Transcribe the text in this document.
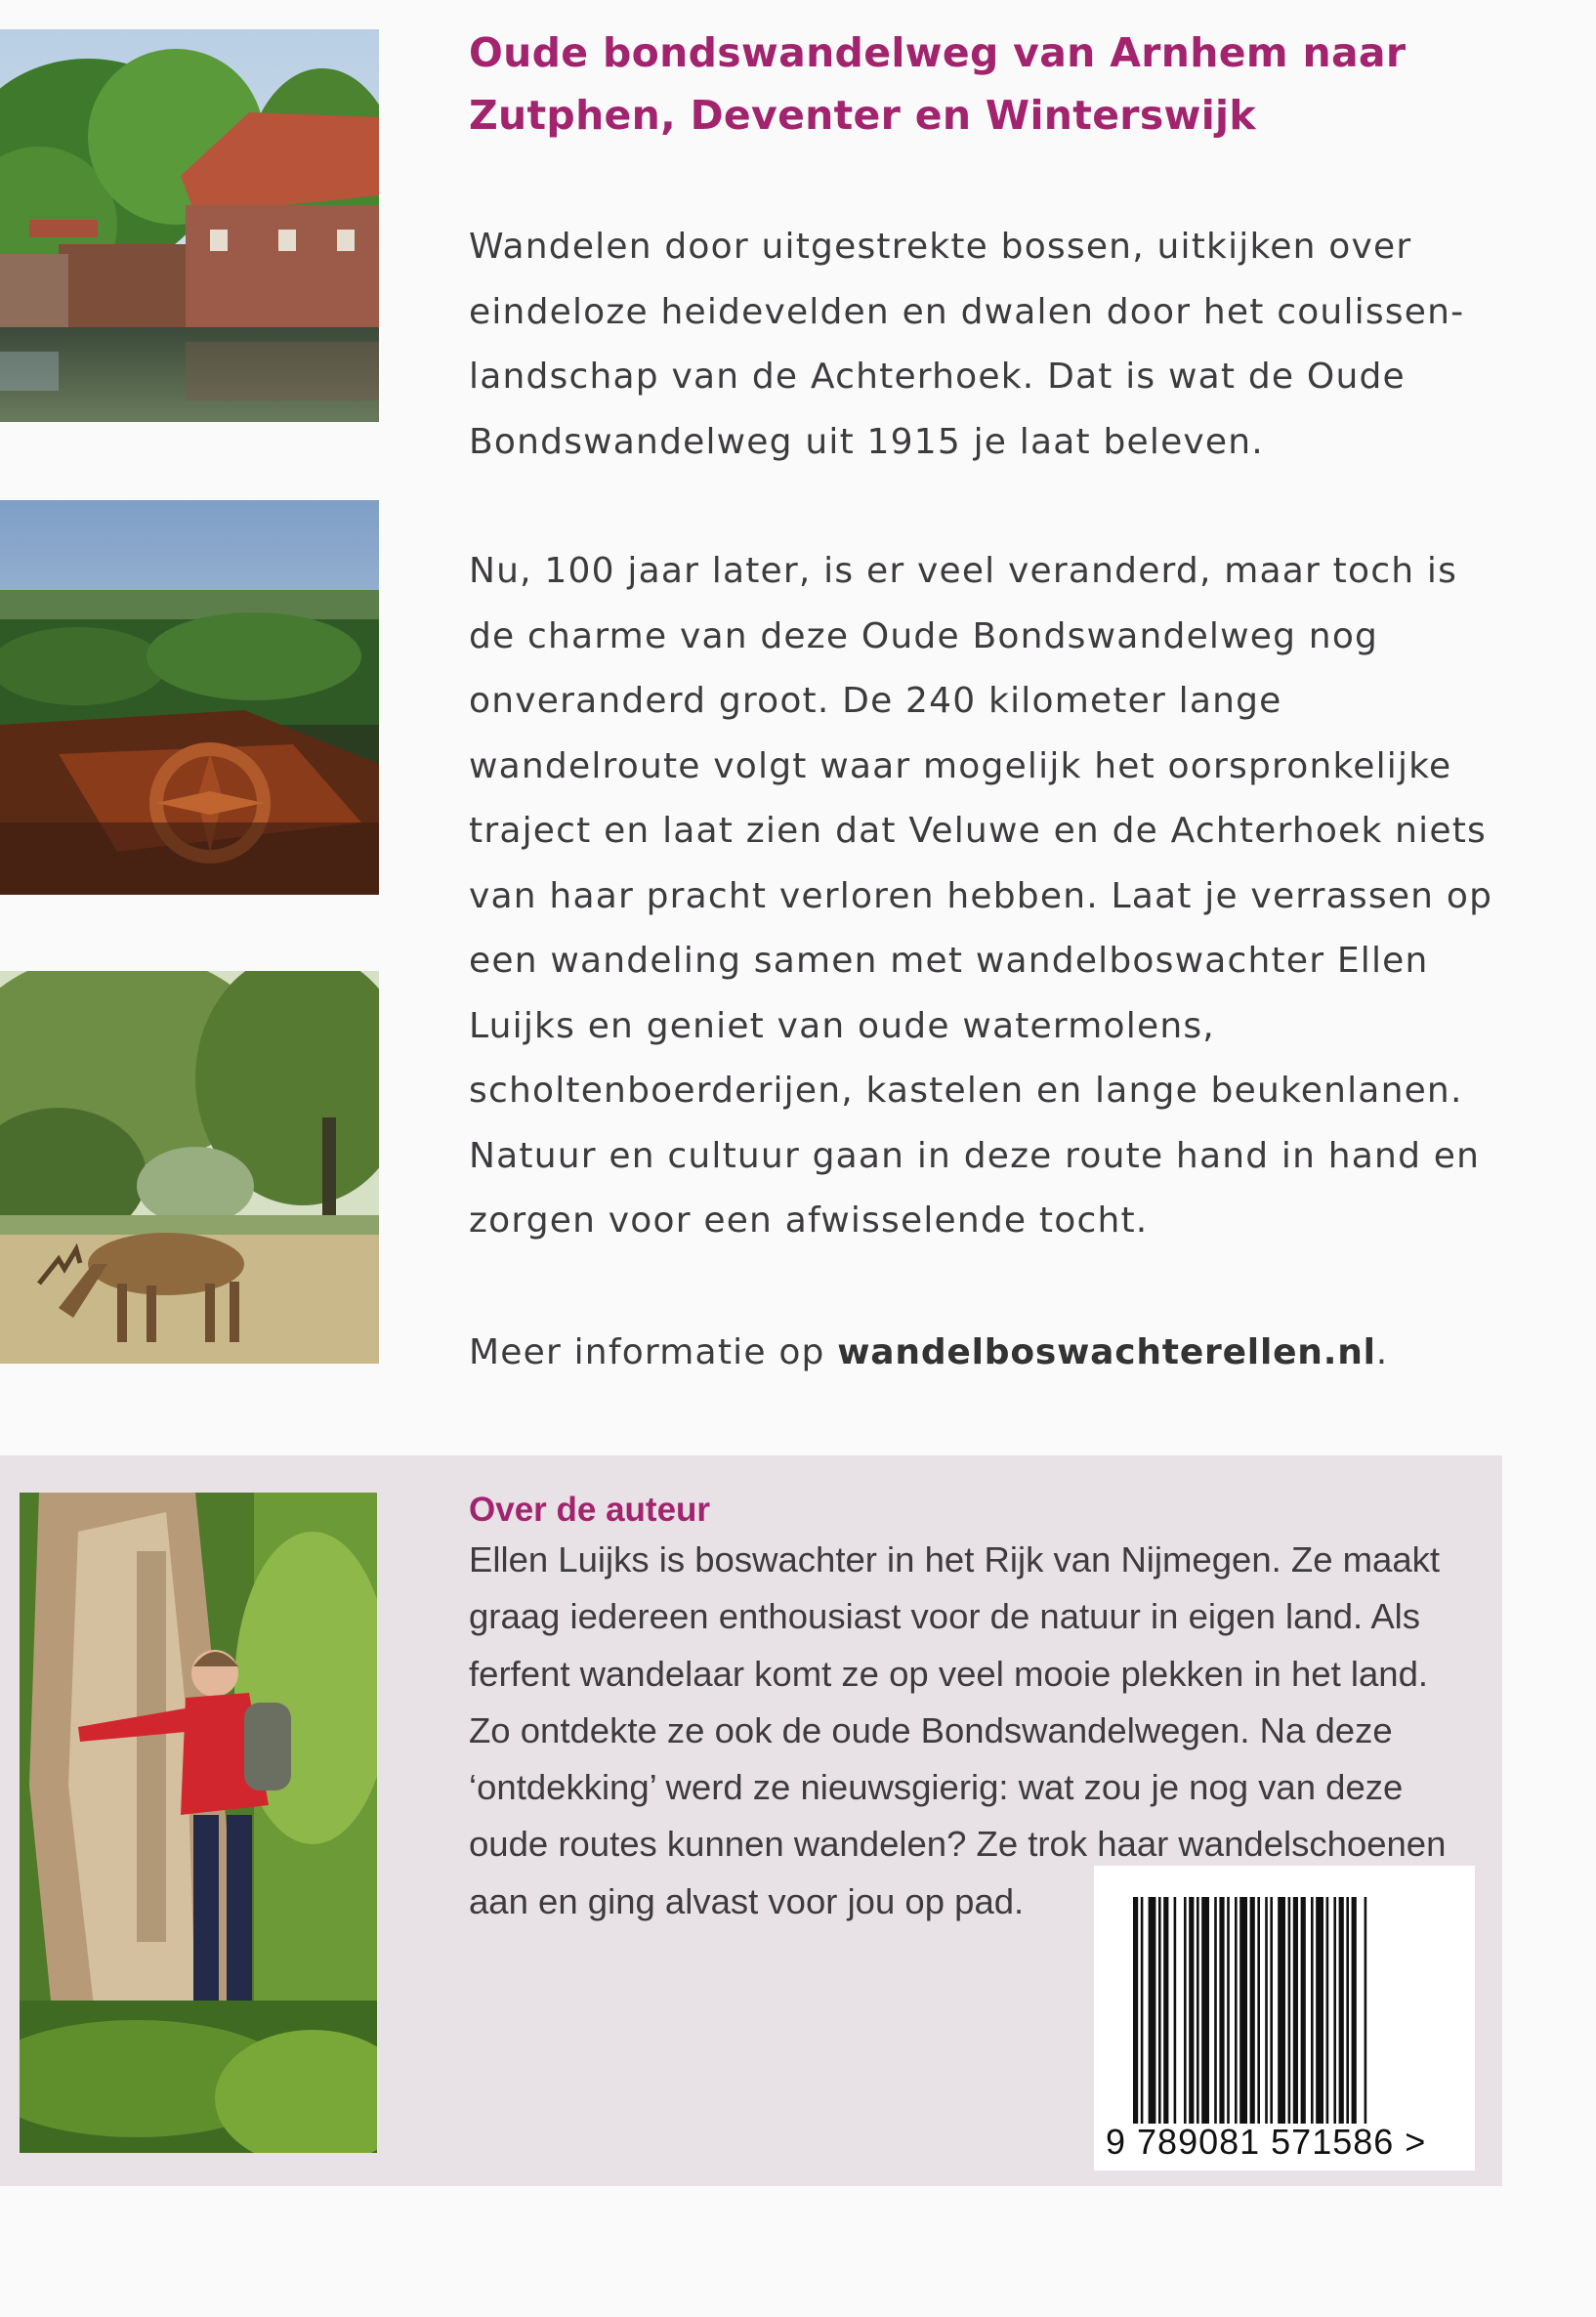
Oude bondswandelweg van Arnhem naar Zutphen, Deventer en Winterswijk

Wandelen door uitgestrekte bossen, uitkijken over eindeloze heidevelden en dwalen door het coulissen-landschap van de Achterhoek. Dat is wat de Oude Bondswandelweg uit 1915 je laat beleven.

Nu, 100 jaar later, is er veel veranderd, maar toch is de charme van deze Oude Bondswandelweg nog onveranderd groot. De 240 kilometer lange wandelroute volgt waar mogelijk het oorspronkelijke traject en laat zien dat Veluwe en de Achterhoek niets van haar pracht verloren hebben. Laat je verrassen op een wandeling samen met wandelboswachter Ellen Luijks en geniet van oude watermolens, scholtenboerderijen, kastelen en lange beukenlanen. Natuur en cultuur gaan in deze route hand in hand en zorgen voor een afwisselende tocht.

Meer informatie op wandelboswachterellen.nl.

Over de auteur

Ellen Luijks is boswachter in het Rijk van Nijmegen. Ze maakt graag iedereen enthousiast voor de natuur in eigen land. Als ferfent wandelaar komt ze op veel mooie plekken in het land. Zo ontdekte ze ook de oude Bondswandelwegen. Na deze ‘ontdekking’ werd ze nieuwsgierig: wat zou je nog van deze oude routes kunnen wandelen? Ze trok haar wandelschoenen aan en ging alvast voor jou op pad.

9 789081 571586 >
